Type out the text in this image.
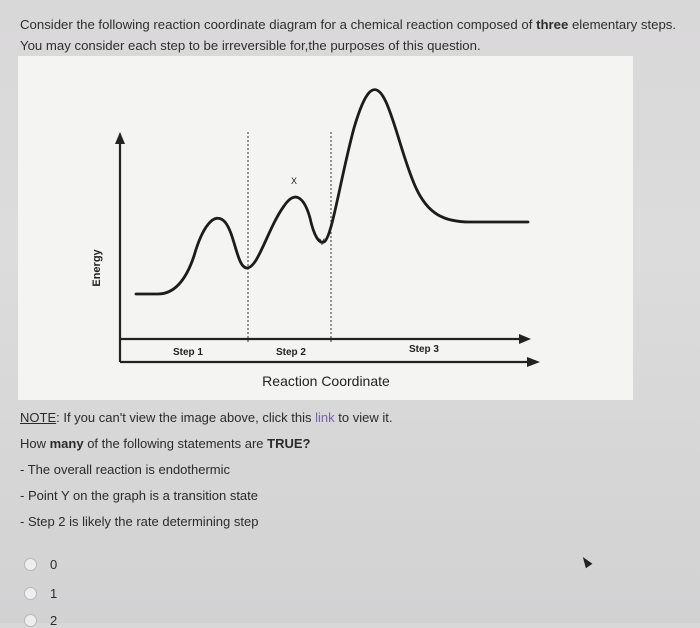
Consider the following reaction coordinate diagram for a chemical reaction composed of three elementary steps. You may consider each step to be irreversible for,the purposes of this question.
Energy
Step 1	Step 2	Step 3
X
Y
Reaction Coordinate
NOTE: If you can't view the image above, click this link to view it.
How many of the following statements are TRUE?
- The overall reaction is endothermic
- Point Y on the graph is a transition state
- Step 2 is likely the rate determining step
0
1
2
